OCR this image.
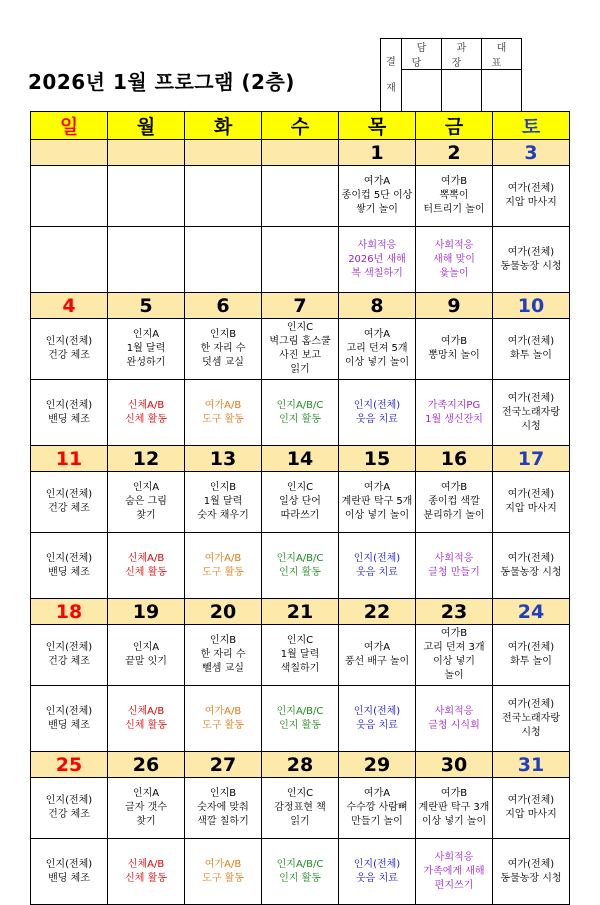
2026년 1월 프로그램 (2층)
결
재	담당	과장	대표

일	월	화	수	목	금	토
				1	2	3

				여가A
종이컵 5단 이상
쌓기 놀이	여가B
뽁뽁이
터트리기 놀이	여가(전체)
지압 마사지

				사회적응
2026년 새해
복 색칠하기	사회적응
새해 맞이
윷놀이	여가(전체)
동물농장 시청

4	5	6	7	8	9	10

인지(전체)
건강 체조	인지A
1월 달력
완성하기	인지B
한 자리 수
덧셈 교실	인지C
벽그림 홈스쿨
사진 보고
읽기	여가A
고리 던져 5개
이상 넣기 놀이	여가B
뽕망치 놀이	여가(전체)
화투 놀이

인지(전체)
밴딩 체조	신체A/B
신체 활동	여가A/B
도구 활동	인지A/B/C
인지 활동	인지(전체)
웃음 치료	가족지지PG
1월 생신잔치	여가(전체)
전국노래자랑
시청

11	12	13	14	15	16	17

인지(전체)
건강 체조	인지A
숨은 그림
찾기	인지B
1월 달력
숫자 채우기	인지C
일상 단어
따라쓰기	여가A
계란판 탁구 5개
이상 넣기 놀이	여가B
종이컵 색깔
분리하기 놀이	여가(전체)
지압 마사지

인지(전체)
밴딩 체조	신체A/B
신체 활동	여가A/B
도구 활동	인지A/B/C
인지 활동	인지(전체)
웃음 치료	사회적응
글청 만들기	여가(전체)
동물농장 시청

18	19	20	21	22	23	24

인지(전체)
건강 체조	인지A
끝말 잇기	인지B
한 자리 수
뺄셈 교실	인지C
1월 달력
색칠하기	여가A
풍선 배구 놀이	여가B
고리 던져 3개
이상 넣기
놀이	여가(전체)
화투 놀이

인지(전체)
밴딩 체조	신체A/B
신체 활동	여가A/B
도구 활동	인지A/B/C
인지 활동	인지(전체)
웃음 치료	사회적응
글청 시식회	여가(전체)
전국노래자랑
시청

25	26	27	28	29	30	31

인지(전체)
건강 체조	인지A
글자 갯수
찾기	인지B
숫자에 맞춰
색깔 칠하기	인지C
감정표현 책
읽기	여가A
수수깡 사람뼈
만들기 놀이	여가B
계란판 탁구 3개
이상 넣기 놀이	여가(전체)
지압 마사지

인지(전체)
밴딩 체조	신체A/B
신체 활동	여가A/B
도구 활동	인지A/B/C
인지 활동	인지(전체)
웃음 치료	사회적응
가족에게 새해
편지쓰기	여가(전체)
동물농장 시청
